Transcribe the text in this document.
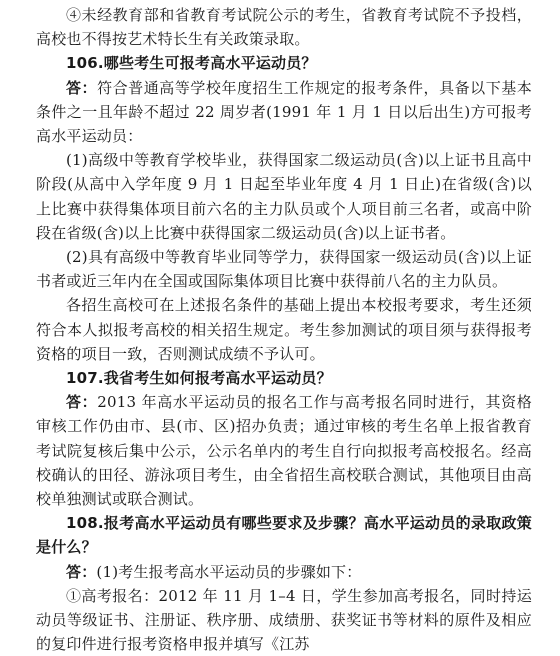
④未经教育部和省教育考试院公示的考生，省教育考试院不予投档，高校也不得按艺术特长生有关政策录取。

106.哪些考生可报考高水平运动员？

答：符合普通高等学校年度招生工作规定的报考条件，具备以下基本条件之一且年龄不超过 22 周岁者(1991 年 1 月 1 日以后出生)方可报考高水平运动员：

(1)高级中等教育学校毕业，获得国家二级运动员(含)以上证书且高中阶段(从高中入学年度 9 月 1 日起至毕业年度 4 月 1 日止)在省级(含)以上比赛中获得集体项目前六名的主力队员或个人项目前三名者，或高中阶段在省级(含)以上比赛中获得国家二级运动员(含)以上证书者。

(2)具有高级中等教育毕业同等学力，获得国家一级运动员(含)以上证书者或近三年内在全国或国际集体项目比赛中获得前八名的主力队员。

各招生高校可在上述报名条件的基础上提出本校报考要求，考生还须符合本人拟报考高校的相关招生规定。考生参加测试的项目须与获得报考资格的项目一致，否则测试成绩不予认可。

107.我省考生如何报考高水平运动员？

答：2013 年高水平运动员的报名工作与高考报名同时进行，其资格审核工作仍由市、县(市、区)招办负责；通过审核的考生名单上报省教育考试院复核后集中公示，公示名单内的考生自行向拟报考高校报名。经高校确认的田径、游泳项目考生，由全省招生高校联合测试，其他项目由高校单独测试或联合测试。

108.报考高水平运动员有哪些要求及步骤？高水平运动员的录取政策是什么？

答：(1)考生报考高水平运动员的步骤如下：

①高考报名：2012 年 11 月 1–4 日，学生参加高考报名，同时持运动员等级证书、注册证、秩序册、成绩册、获奖证书等材料的原件及相应的复印件进行报考资格申报并填写《江苏
